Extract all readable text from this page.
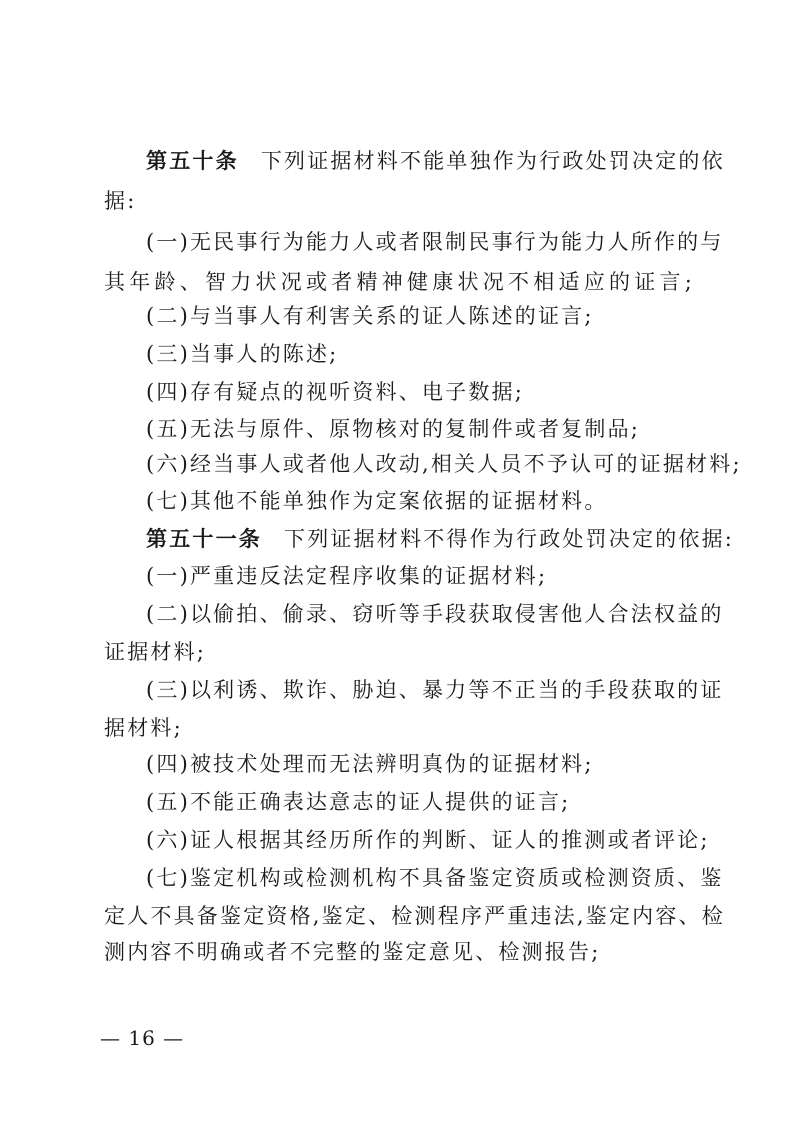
第五十条 下列证据材料不能单独作为行政处罚决定的依
据:
(一)无民事行为能力人或者限制民事行为能力人所作的与
其年龄、智力状况或者精神健康状况不相适应的证言;
(二)与当事人有利害关系的证人陈述的证言;
(三)当事人的陈述;
(四)存有疑点的视听资料、电子数据;
(五)无法与原件、原物核对的复制件或者复制品;
(六)经当事人或者他人改动,相关人员不予认可的证据材料;
(七)其他不能单独作为定案依据的证据材料。
第五十一条 下列证据材料不得作为行政处罚决定的依据:
(一)严重违反法定程序收集的证据材料;
(二)以偷拍、偷录、窃听等手段获取侵害他人合法权益的
证据材料;
(三)以利诱、欺诈、胁迫、暴力等不正当的手段获取的证
据材料;
(四)被技术处理而无法辨明真伪的证据材料;
(五)不能正确表达意志的证人提供的证言;
(六)证人根据其经历所作的判断、证人的推测或者评论;
(七)鉴定机构或检测机构不具备鉴定资质或检测资质、鉴
定人不具备鉴定资格,鉴定、检测程序严重违法,鉴定内容、检
测内容不明确或者不完整的鉴定意见、检测报告;
— 16 —
